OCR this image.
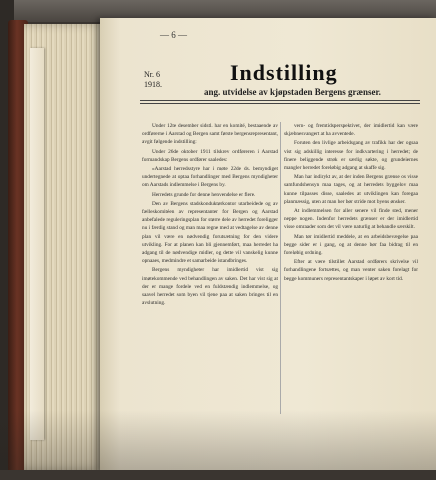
— 6 —
Nr. 6
1918.	Indstilling
ang. utvidelse av kjøpstaden Bergens grænser.

Under 12te desember sidstl. har en komité, bestaaende av ordførerne i Aarstad og Bergen samt første bergensrepresentant, avgit følgende indstilling:

Under 26de oktober 1911 tilskrev ordføreren i Aarstad formandskap Bergens ordfører saaledes:

»Aarstad herredsstyre har i møte 22de ds. bemyndiget undertegnede at optaa forhandlinger med Bergens myndigheter om Aarstads indlemmelse i Bergens by.

Herredets grunde for denne henvendelse er flere.

Den av Bergens stadskonduktørkontor utarbeidede og av fælleskomitéen av representanter for Bergen og Aarstad anbefalede reguleringsplan for større dele av herredet foreligger nu i færdig stand og man maa regne med at vedtagelse av denne plan vil være en nødvendig forutsætning for den videre utvikling. For at planen kan bli gjennemført, maa herredet ha adgang til de nødvendige midler, og dette vil vanskelig kunne opnaaes, medmindre et samarbeide istandbringes.

Bergens myndigheter har imidlertid vist sig imøtekommende ved behandlingen av saken. Det har vist sig at der er mange fordele ved en fuldstændig indlemmelse, og saavel herredet som byen vil tjene paa at saken bringes til en avslutning.

vern- og fremtidsperspektivet, der imidlertid kan være skjæbnesvangert at ha avventede.

Foruten den livlige arbeidsgang av trafikk har der ogsaa vist sig adskillig interesse for indkvartering i herredet; de finere beliggende strøk er særlig søkte, og grundeiernes mangler herredet foreløbig adgang at skaffe sig.

Man har indirykt av, at der inden Bergens grænse os visse samfundshensyn maa tages, og at herredets byggelov maa kunne tilpasses disse, saaledes at utviklingen kan foregaa planmæssig, uten at man her bør stride mot byens ønsker.

At indlemmelsen for aller senere vil finde sted, mener neppe nogen. Indenfor herredets grænser er der imidlertid visse omraader som det vil være naturlig at behandle særskilt.

Man tør imidlertid meddele, at en arbeidsbevægelse paa begge sider er i gang, og at denne bør faa bidrag til en foreløbig ordning.

Efter at være tilstillet Aarstad ordførers skrivelse vil forhandlingene fortsættes, og man venter saken forelagt for begge kommuners representantskaper i løpet av kort tid.
